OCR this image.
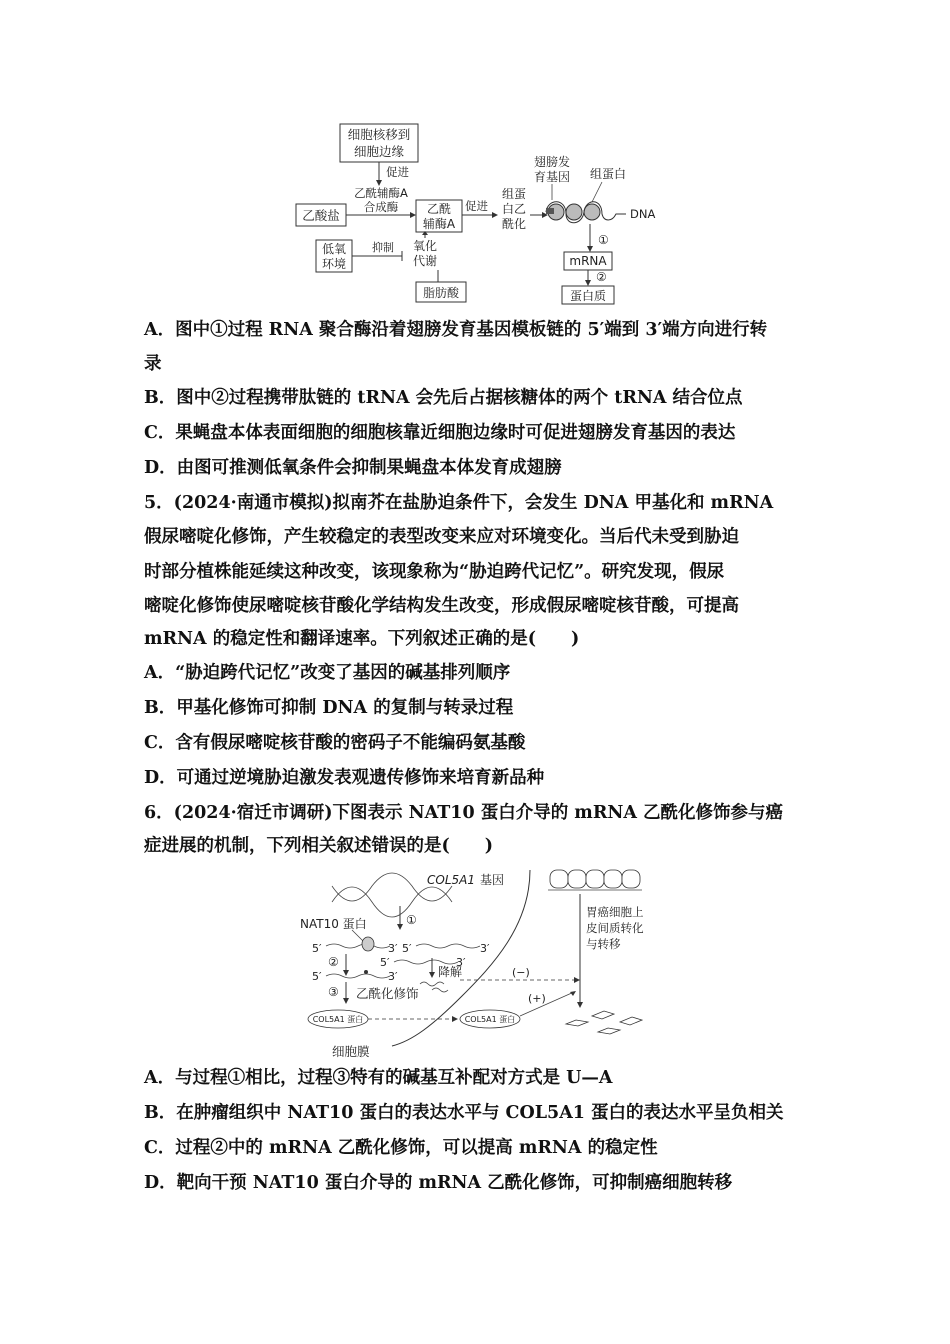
细胞核移到
细胞边缘
促进
乙酰辅酶A
合成酶
乙酸盐	乙酰
辅酶A
促进
组蛋
白乙
酰化
翅膀发
育基因 组蛋白
DNA
①
mRNA
②
蛋白质
低氧
环境
抑制 氧化
代谢
脂肪酸
A．图中①过程 RNA 聚合酶沿着翅膀发育基因模板链的 5′端到 3′端方向进行转
录
B．图中②过程携带肽链的 tRNA 会先后占据核糖体的两个 tRNA 结合位点
C．果蝇盘本体表面细胞的细胞核靠近细胞边缘时可促进翅膀发育基因的表达
D．由图可推测低氧条件会抑制果蝇盘本体发育成翅膀
5．(2024·南通市模拟)拟南芥在盐胁迫条件下，会发生 DNA 甲基化和 mRNA
假尿嘧啶化修饰，产生较稳定的表型改变来应对环境变化。当后代未受到胁迫
时部分植株能延续这种改变，该现象称为“胁迫跨代记忆”。研究发现，假尿
嘧啶化修饰使尿嘧啶核苷酸化学结构发生改变，形成假尿嘧啶核苷酸，可提高
mRNA 的稳定性和翻译速率。下列叙述正确的是(　　)
A．“胁迫跨代记忆”改变了基因的碱基排列顺序
B．甲基化修饰可抑制 DNA 的复制与转录过程
C．含有假尿嘧啶核苷酸的密码子不能编码氨基酸
D．可通过逆境胁迫激发表观遗传修饰来培育新品种
6．(2024·宿迁市调研)下图表示 NAT10 蛋白介导的 mRNA 乙酰化修饰参与癌
症进展的机制，下列相关叙述错误的是(　　)
COL5A1 基因
NAT10 蛋白	①
5′	3′ 5′	3′
5′	3′
②
5′	3′	降解
③ 乙酰化修饰
(−)
COL5A1 蛋白	COL5A1 蛋白
(+)
胃癌细胞上
皮间质转化
与转移
细胞膜
A．与过程①相比，过程③特有的碱基互补配对方式是 U—A
B．在肿瘤组织中 NAT10 蛋白的表达水平与 COL5A1 蛋白的表达水平呈负相关
C．过程②中的 mRNA 乙酰化修饰，可以提高 mRNA 的稳定性
D．靶向干预 NAT10 蛋白介导的 mRNA 乙酰化修饰，可抑制癌细胞转移
